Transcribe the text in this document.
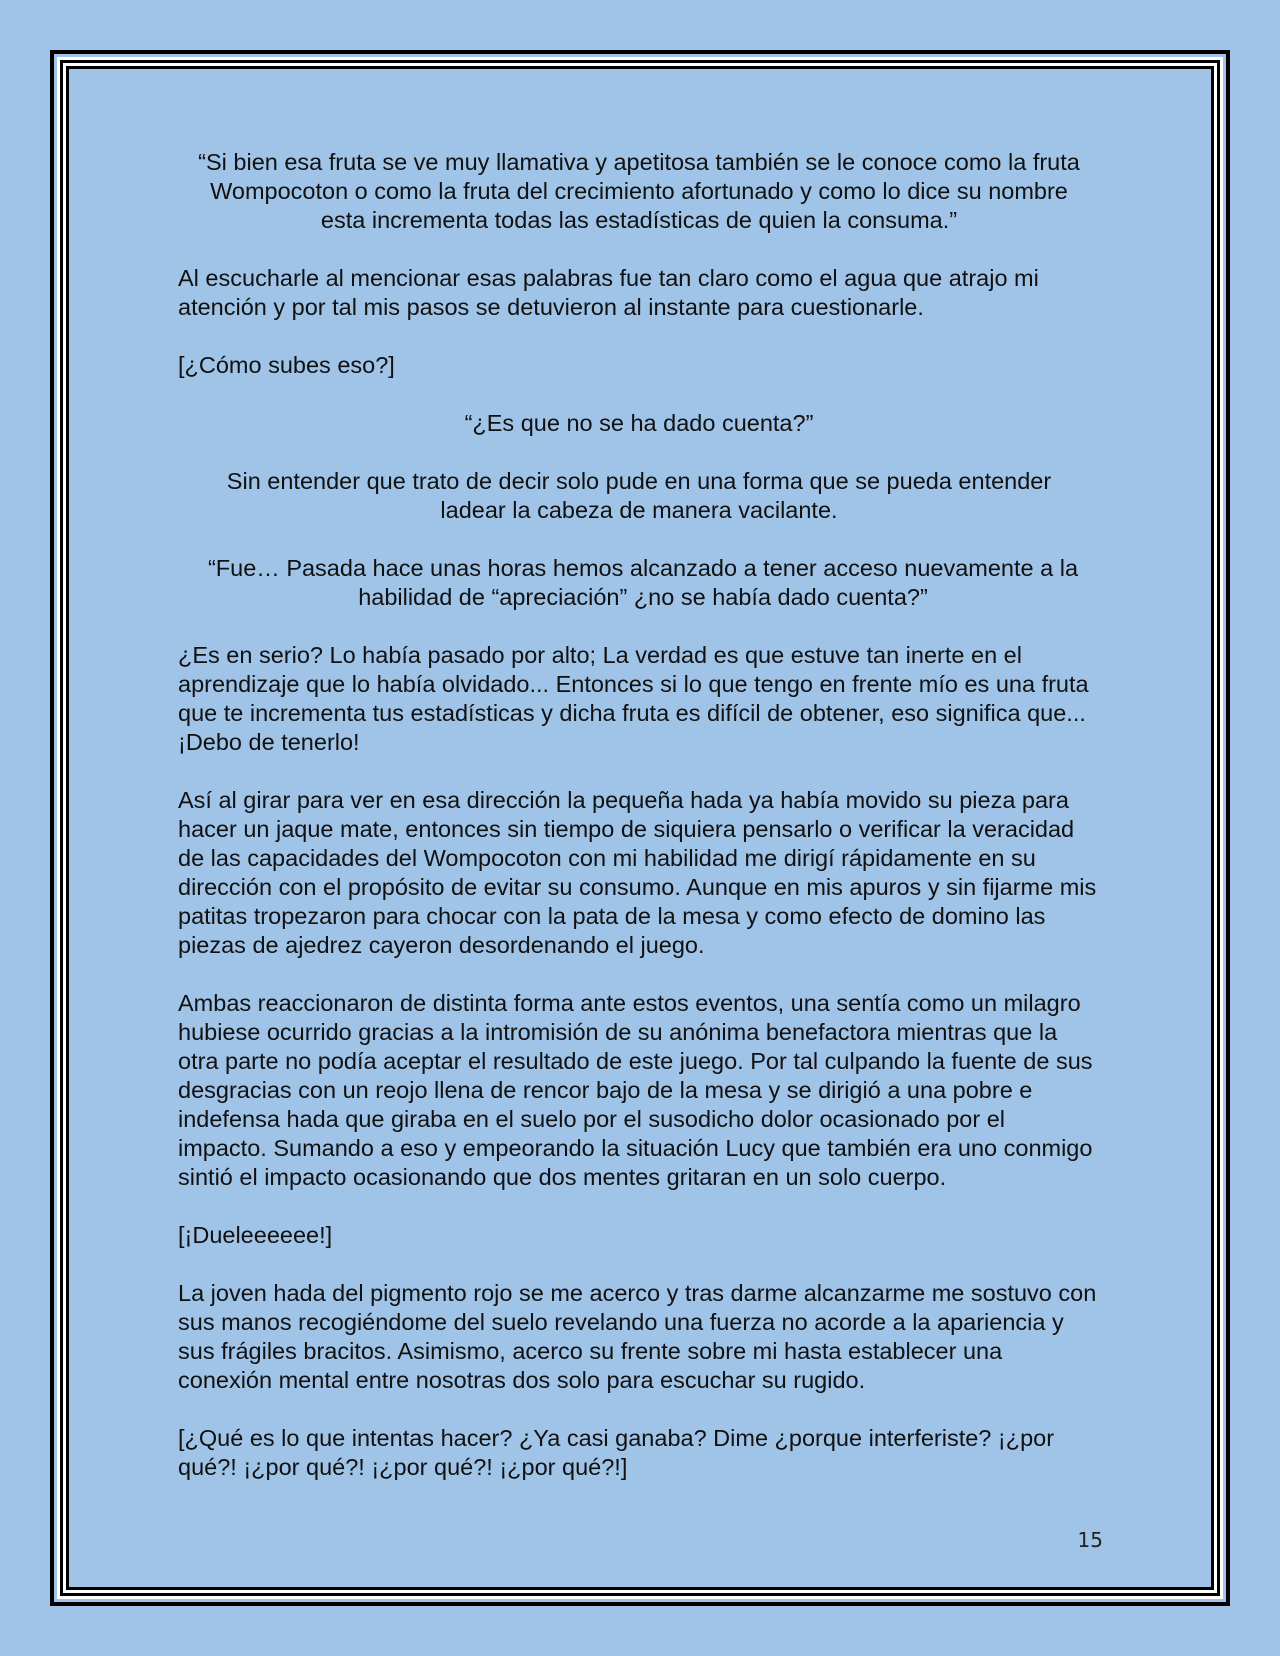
“Si bien esa fruta se ve muy llamativa y apetitosa también se le conoce como la fruta Wompocoton o como la fruta del crecimiento afortunado y como lo dice su nombre esta incrementa todas las estadísticas de quien la consuma.”

Al escucharle al mencionar esas palabras fue tan claro como el agua que atrajo mi atención y por tal mis pasos se detuvieron al instante para cuestionarle.

[¿Cómo subes eso?]

“¿Es que no se ha dado cuenta?”

Sin entender que trato de decir solo pude en una forma que se pueda entender ladear la cabeza de manera vacilante.

“Fue… Pasada hace unas horas hemos alcanzado a tener acceso nuevamente a la habilidad de “apreciación” ¿no se había dado cuenta?”

¿Es en serio? Lo había pasado por alto; La verdad es que estuve tan inerte en el aprendizaje que lo había olvidado... Entonces si lo que tengo en frente mío es una fruta que te incrementa tus estadísticas y dicha fruta es difícil de obtener, eso significa que... ¡Debo de tenerlo!

Así al girar para ver en esa dirección la pequeña hada ya había movido su pieza para hacer un jaque mate, entonces sin tiempo de siquiera pensarlo o verificar la veracidad de las capacidades del Wompocoton con mi habilidad me dirigí rápidamente en su dirección con el propósito de evitar su consumo. Aunque en mis apuros y sin fijarme mis patitas tropezaron para chocar con la pata de la mesa y como efecto de domino las piezas de ajedrez cayeron desordenando el juego.

Ambas reaccionaron de distinta forma ante estos eventos, una sentía como un milagro hubiese ocurrido gracias a la intromisión de su anónima benefactora mientras que la otra parte no podía aceptar el resultado de este juego. Por tal culpando la fuente de sus desgracias con un reojo llena de rencor bajo de la mesa y se dirigió a una pobre e indefensa hada que giraba en el suelo por el susodicho dolor ocasionado por el impacto. Sumando a eso y empeorando la situación Lucy que también era uno conmigo sintió el impacto ocasionando que dos mentes gritaran en un solo cuerpo.

[¡Dueleeeeee!]

La joven hada del pigmento rojo se me acerco y tras darme alcanzarme me sostuvo con sus manos recogiéndome del suelo revelando una fuerza no acorde a la apariencia y sus frágiles bracitos. Asimismo, acerco su frente sobre mi hasta establecer una conexión mental entre nosotras dos solo para escuchar su rugido.

[¿Qué es lo que intentas hacer? ¿Ya casi ganaba? Dime ¿porque interferiste? ¡¿por qué?! ¡¿por qué?! ¡¿por qué?! ¡¿por qué?!]

15
